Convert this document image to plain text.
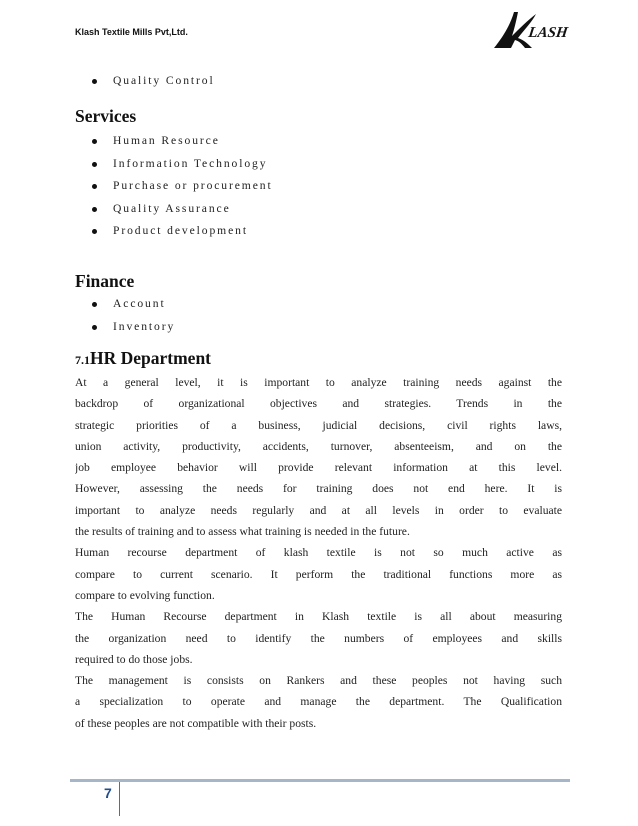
Klash Textile Mills Pvt,Ltd.	LASH
Quality Control
Services
Human Resource
Information Technology
Purchase or procurement
Quality Assurance
Product development
Finance
Account
Inventory
7.1HR Department
At a general level, it is important to analyze training needs against the
backdrop of organizational objectives and strategies. Trends in the
strategic priorities of a business, judicial decisions, civil rights laws,
union activity, productivity, accidents, turnover, absenteeism, and on the
job employee behavior will provide relevant information at this level.
However, assessing the needs for training does not end here. It is
important to analyze needs regularly and at all levels in order to evaluate
the results of training and to assess what training is needed in the future.
Human recourse department of klash textile is not so much active as
compare to current scenario. It perform the traditional functions more as
compare to evolving function.
The Human Recourse department in Klash textile is all about measuring
the organization need to identify the numbers of employees and skills
required to do those jobs.
The management is consists on Rankers and these peoples not having such
a specialization to operate and manage the department. The Qualification
of these peoples are not compatible with their posts.
7
